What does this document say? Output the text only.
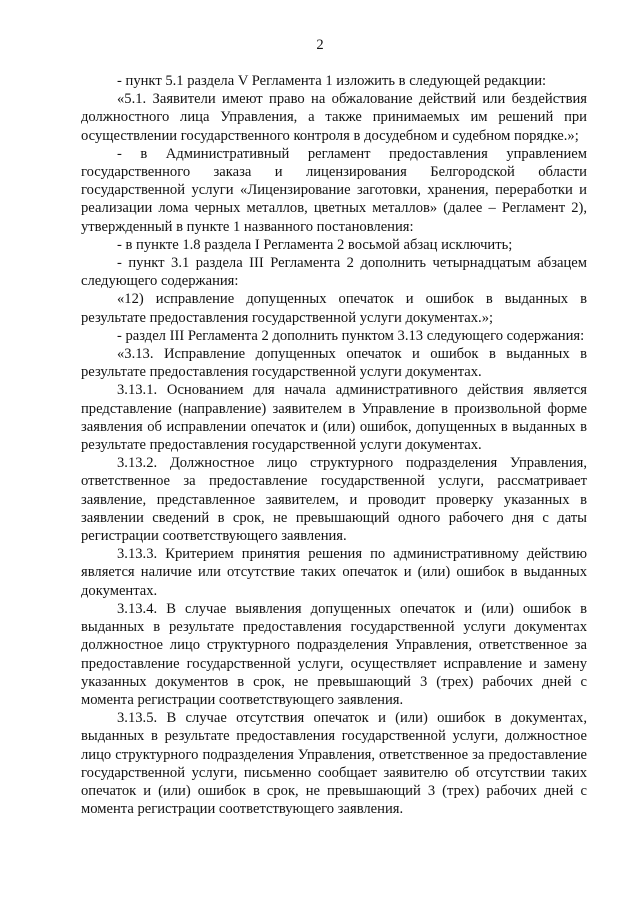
2

- пункт 5.1 раздела V Регламента 1 изложить в следующей редакции:

«5.1. Заявители имеют право на обжалование действий или бездействия должностного лица Управления, а также принимаемых им решений при осуществлении государственного контроля в досудебном и судебном порядке.»;

- в Административный регламент предоставления управлением государственного заказа и лицензирования Белгородской области государственной услуги «Лицензирование заготовки, хранения, переработки и реализации лома черных металлов, цветных металлов» (далее – Регламент 2), утвержденный в пункте 1 названного постановления:

- в пункте 1.8 раздела I Регламента 2 восьмой абзац исключить;

- пункт 3.1 раздела III Регламента 2 дополнить четырнадцатым абзацем следующего содержания:

«12) исправление допущенных опечаток и ошибок в выданных в результате предоставления государственной услуги документах.»;

- раздел III Регламента 2 дополнить пунктом 3.13 следующего содержания:

«3.13. Исправление допущенных опечаток и ошибок в выданных в результате предоставления государственной услуги документах.

3.13.1. Основанием для начала административного действия является представление (направление) заявителем в Управление в произвольной форме заявления об исправлении опечаток и (или) ошибок, допущенных в выданных в результате предоставления государственной услуги документах.

3.13.2. Должностное лицо структурного подразделения Управления, ответственное за предоставление государственной услуги, рассматривает заявление, представленное заявителем, и проводит проверку указанных в заявлении сведений в срок, не превышающий одного рабочего дня с даты регистрации соответствующего заявления.

3.13.3. Критерием принятия решения по административному действию является наличие или отсутствие таких опечаток и (или) ошибок в выданных документах.

3.13.4. В случае выявления допущенных опечаток и (или) ошибок в выданных в результате предоставления государственной услуги документах должностное лицо структурного подразделения Управления, ответственное за предоставление государственной услуги, осуществляет исправление и замену указанных документов в срок, не превышающий 3 (трех) рабочих дней с момента регистрации соответствующего заявления.

3.13.5. В случае отсутствия опечаток и (или) ошибок в документах, выданных в результате предоставления государственной услуги, должностное лицо структурного подразделения Управления, ответственное за предоставление государственной услуги, письменно сообщает заявителю об отсутствии таких опечаток и (или) ошибок в срок, не превышающий 3 (трех) рабочих дней с момента регистрации соответствующего заявления.
